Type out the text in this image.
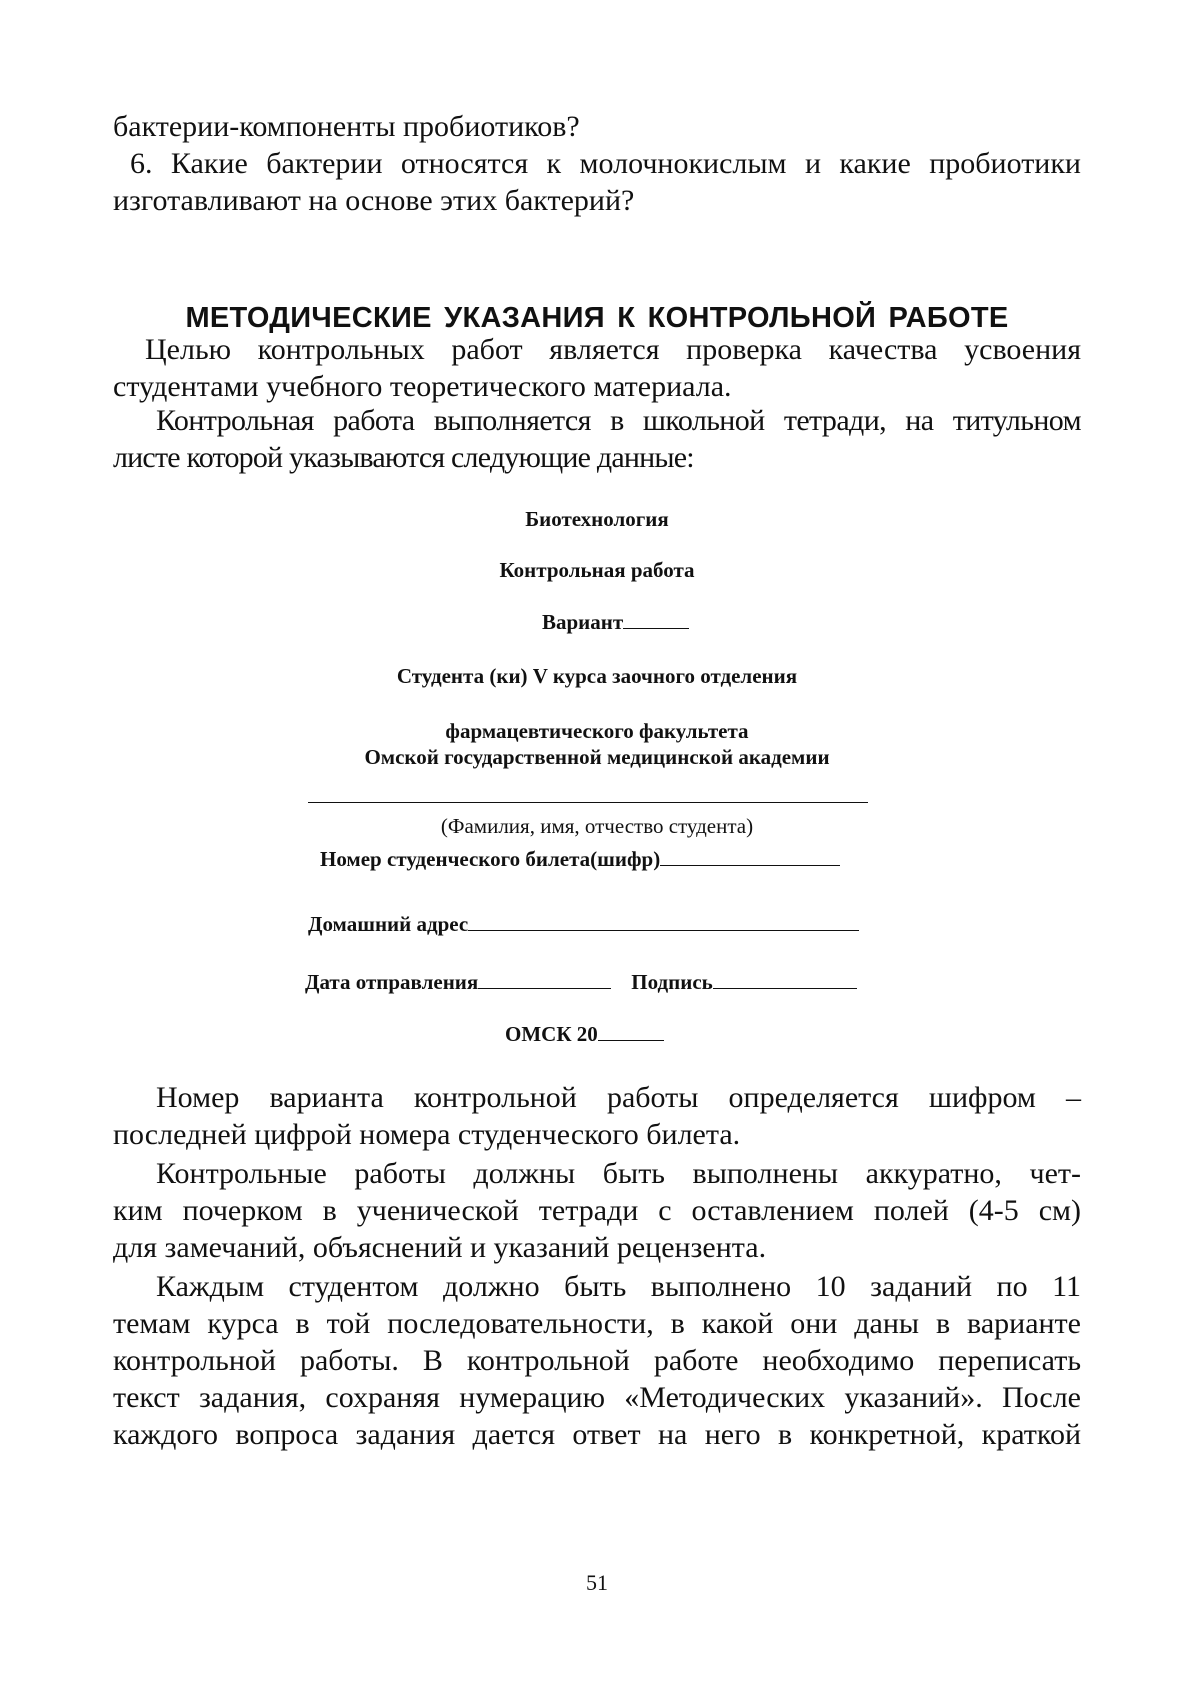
бактерии-компоненты пробиотиков?
6. Какие бактерии относятся к молочнокислым и какие пробиотики
изготавливают на основе этих бактерий?
МЕТОДИЧЕСКИЕ УКАЗАНИЯ К КОНТРОЛЬНОЙ РАБОТЕ
Целью контрольных работ является проверка качества усвоения
студентами учебного теоретического материала.
Контрольная работа выполняется в школьной тетради, на титульном
листе которой указываются следующие данные:
Биотехнология
Контрольная работа
Вариант
Студента (ки) V курса заочного отделения
фармацевтического факультета
Омской государственной медицинской академии
(Фамилия, имя, отчество студента)
Номер студенческого билета(шифр)
Домашний адрес
Дата отправления	Подпись
ОМСК 20
Номер варианта контрольной работы определяется шифром –
последней цифрой номера студенческого билета.
Контрольные работы должны быть выполнены аккуратно, чет-
ким почерком в ученической тетради с оставлением полей (4-5 см)
для замечаний, объяснений и указаний рецензента.
Каждым студентом должно быть выполнено 10 заданий по 11
темам курса в той последовательности, в какой они даны в варианте
контрольной работы. В контрольной работе необходимо переписать
текст задания, сохраняя нумерацию «Методических указаний». После
каждого вопроса задания дается ответ на него в конкретной, краткой
51
